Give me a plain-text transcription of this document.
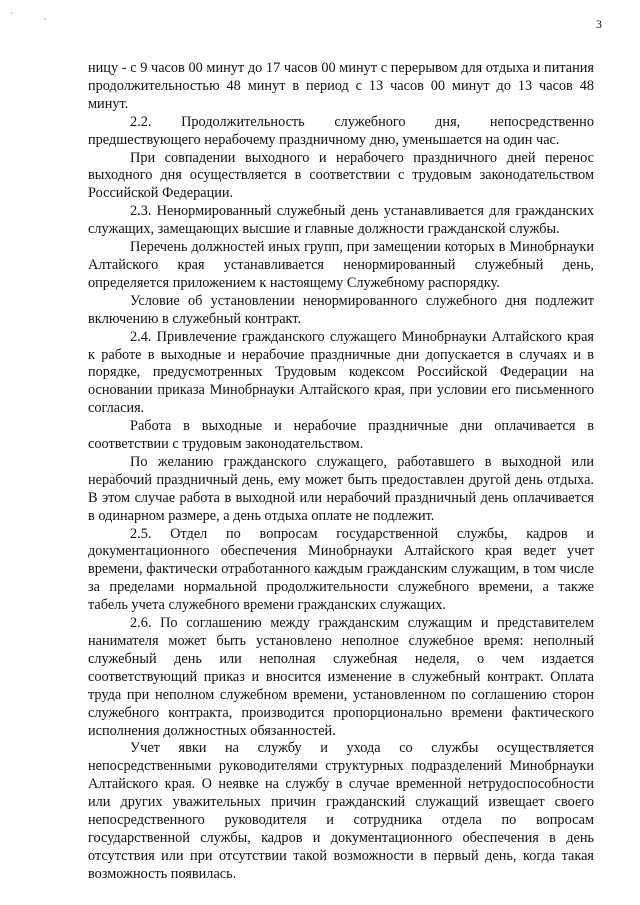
` .	3

ницу - с 9 часов 00 минут до 17 часов 00 минут с перерывом для отдыха и питания продолжительностью 48 минут в период с 13 часов 00 минут до 13 часов 48 минут.

2.2. Продолжительность служебного дня, непосредственно предшествующего нерабочему праздничному дню, уменьшается на один час.

При совпадении выходного и нерабочего праздничного дней перенос выходного дня осуществляется в соответствии с трудовым законодательством Российской Федерации.

2.3. Ненормированный служебный день устанавливается для гражданских служащих, замещающих высшие и главные должности гражданской службы.

Перечень должностей иных групп, при замещении которых в Минобрнауки Алтайского края устанавливается ненормированный служебный день, определяется приложением к настоящему Служебному распорядку.

Условие об установлении ненормированного служебного дня подлежит включению в служебный контракт.

2.4. Привлечение гражданского служащего Минобрнауки Алтайского края к работе в выходные и нерабочие праздничные дни допускается в случаях и в порядке, предусмотренных Трудовым кодексом Российской Федерации на основании приказа Минобрнауки Алтайского края, при условии его письменного согласия.

Работа в выходные и нерабочие праздничные дни оплачивается в соответствии с трудовым законодательством.

По желанию гражданского служащего, работавшего в выходной или нерабочий праздничный день, ему может быть предоставлен другой день отдыха. В этом случае работа в выходной или нерабочий праздничный день оплачивается в одинарном размере, а день отдыха оплате не подлежит.

2.5. Отдел по вопросам государственной службы, кадров и документационного обеспечения Минобрнауки Алтайского края ведет учет времени, фактически отработанного каждым гражданским служащим, в том числе за пределами нормальной продолжительности служебного времени, а также табель учета служебного времени гражданских служащих.

2.6. По соглашению между гражданским служащим и представителем нанимателя может быть установлено неполное служебное время: неполный служебный день или неполная служебная неделя, о чем издается соответствующий приказ и вносится изменение в служебный контракт. Оплата труда при неполном служебном времени, установленном по соглашению сторон служебного контракта, производится пропорционально времени фактического исполнения должностных обязанностей.

Учет явки на службу и ухода со службы осуществляется непосредственными руководителями структурных подразделений Минобрнауки Алтайского края. О неявке на службу в случае временной нетрудоспособности или других уважительных причин гражданский служащий извещает своего непосредственного руководителя и сотрудника отдела по вопросам государственной службы, кадров и документационного обеспечения в день отсутствия или при отсутствии такой возможности в первый день, когда такая возможность появилась.
